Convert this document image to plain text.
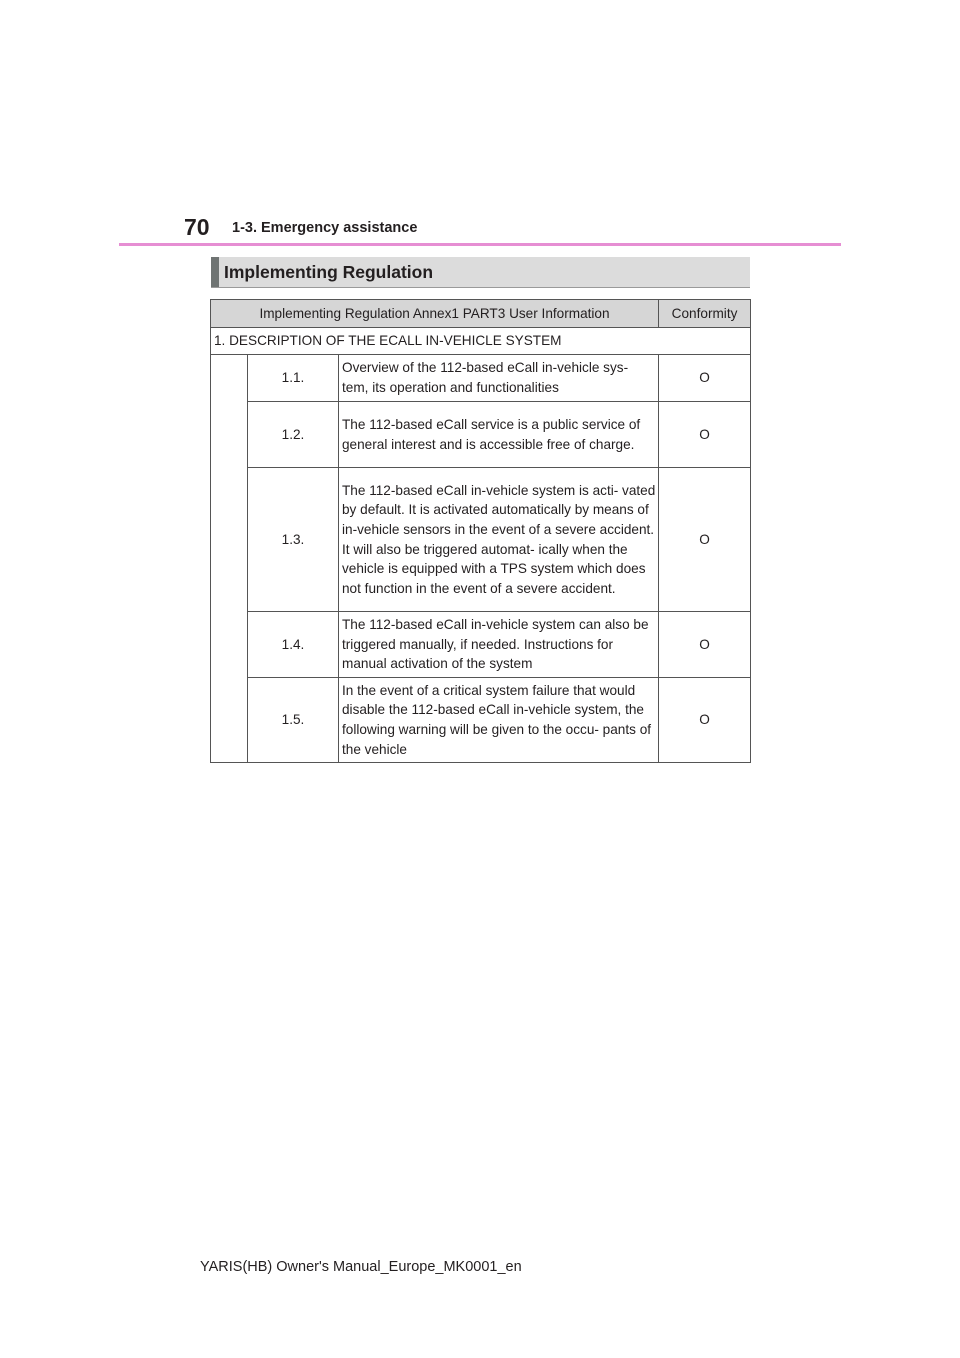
70 1-3. Emergency assistance
Implementing Regulation
Implementing Regulation Annex1 PART3 User Information			Conformity
1. DESCRIPTION OF THE ECALL IN-VEHICLE SYSTEM			
	1.1.	Overview of the 112-based eCall in-vehicle sys- tem, its operation and functionalities	O
	1.2.	The 112-based eCall service is a public service of general interest and is accessible free of charge.	O
	1.3.	The 112-based eCall in-vehicle system is acti- vated by default. It is activated automatically by means of in-vehicle sensors in the event of a severe accident. It will also be triggered automat- ically when the vehicle is equipped with a TPS system which does not function in the event of a severe accident.	O
	1.4.	The 112-based eCall in-vehicle system can also be triggered manually, if needed. Instructions for manual activation of the system	O
	1.5.	In the event of a critical system failure that would disable the 112-based eCall in-vehicle system, the following warning will be given to the occu- pants of the vehicle	O
YARIS(HB) Owner's Manual_Europe_MK0001_en
